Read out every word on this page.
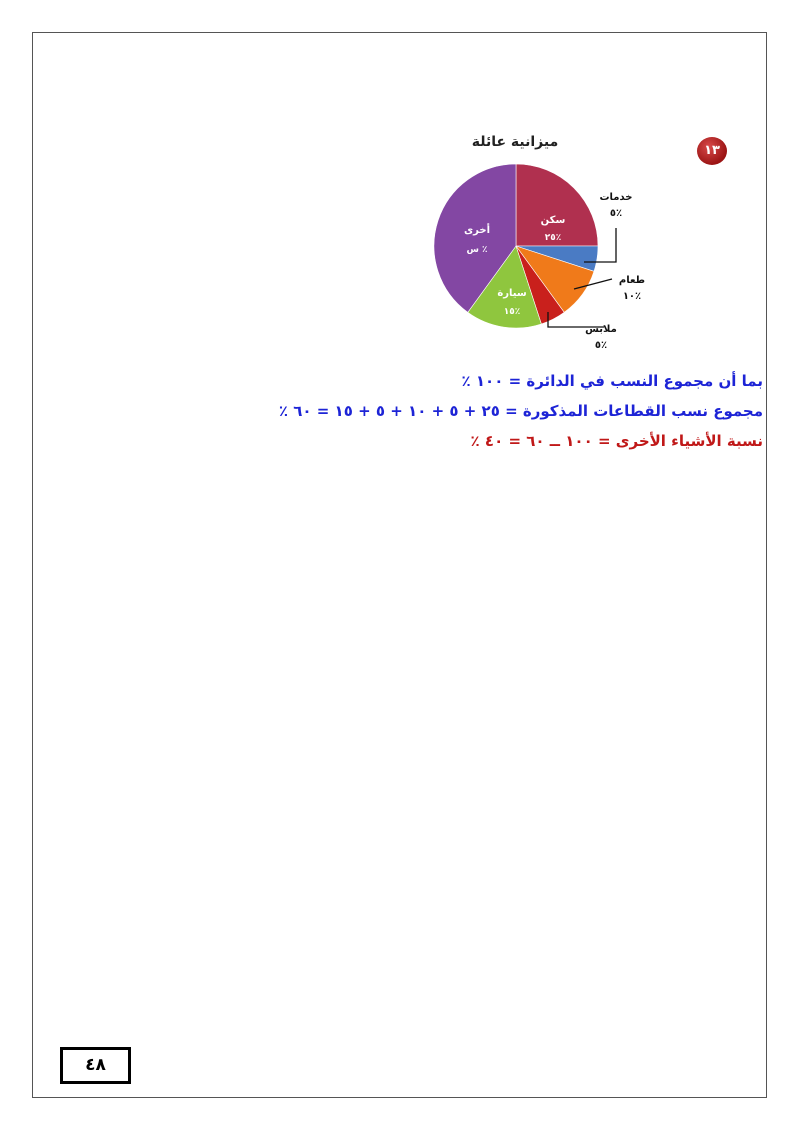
١٣
ميزانية عائلة
سكن
٢٥٪
أخرى
س ٪
سيارة
١٥٪
خدمات
٥٪
طعام
١٠٪
ملابس
٥٪
بما أن مجموع النسب في الدائرة = ١٠٠ ٪
مجموع نسب القطاعات المذكورة = ٢٥ + ٥ + ١٠ + ٥ + ١٥ = ٦٠ ٪
نسبة الأشياء الأخرى = ١٠٠ ــ ٦٠ = ٤٠ ٪
٤٨
